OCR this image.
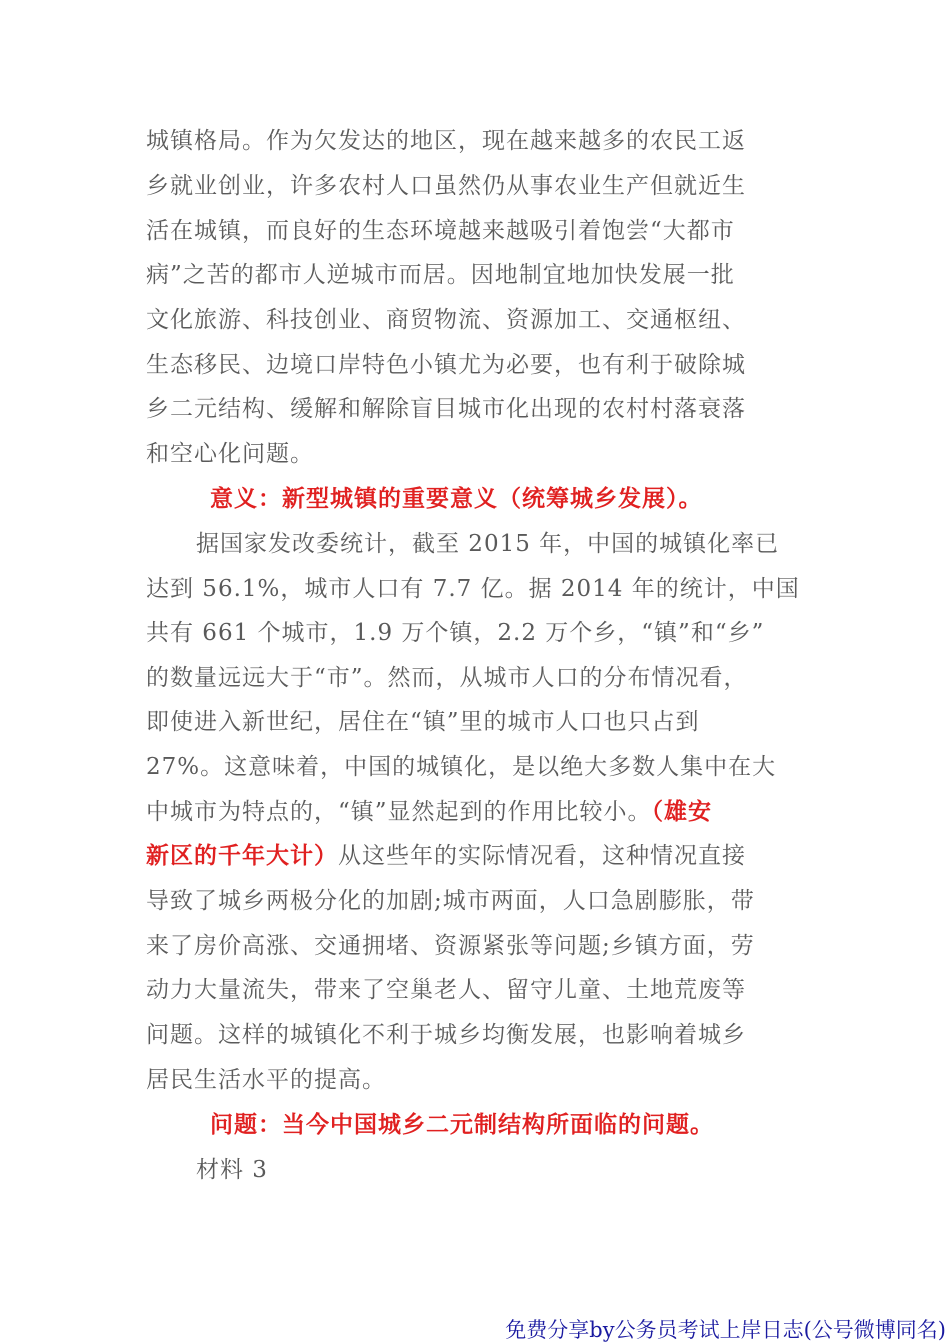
城镇格局。作为欠发达的地区，现在越来越多的农民工返
乡就业创业，许多农村人口虽然仍从事农业生产但就近生
活在城镇，而良好的生态环境越来越吸引着饱尝“大都市
病”之苦的都市人逆城市而居。因地制宜地加快发展一批
文化旅游、科技创业、商贸物流、资源加工、交通枢纽、
生态移民、边境口岸特色小镇尤为必要，也有利于破除城
乡二元结构、缓解和解除盲目城市化出现的农村村落衰落
和空心化问题。
意义：新型城镇的重要意义（统筹城乡发展）。
据国家发改委统计，截至 2015 年，中国的城镇化率已
达到 56.1%，城市人口有 7.7 亿。据 2014 年的统计，中国
共有 661 个城市，1.9 万个镇，2.2 万个乡，“镇”和“乡”
的数量远远大于“市”。然而，从城市人口的分布情况看，
即使进入新世纪，居住在“镇”里的城市人口也只占到
27%。这意味着，中国的城镇化，是以绝大多数人集中在大
中城市为特点的，“镇”显然起到的作用比较小。（雄安
新区的千年大计）从这些年的实际情况看，这种情况直接
导致了城乡两极分化的加剧;城市两面，人口急剧膨胀，带
来了房价高涨、交通拥堵、资源紧张等问题;乡镇方面，劳
动力大量流失，带来了空巢老人、留守儿童、土地荒废等
问题。这样的城镇化不利于城乡均衡发展，也影响着城乡
居民生活水平的提高。
问题：当今中国城乡二元制结构所面临的问题。
材料 3
免费分享by公务员考试上岸日志(公号微博同名)
